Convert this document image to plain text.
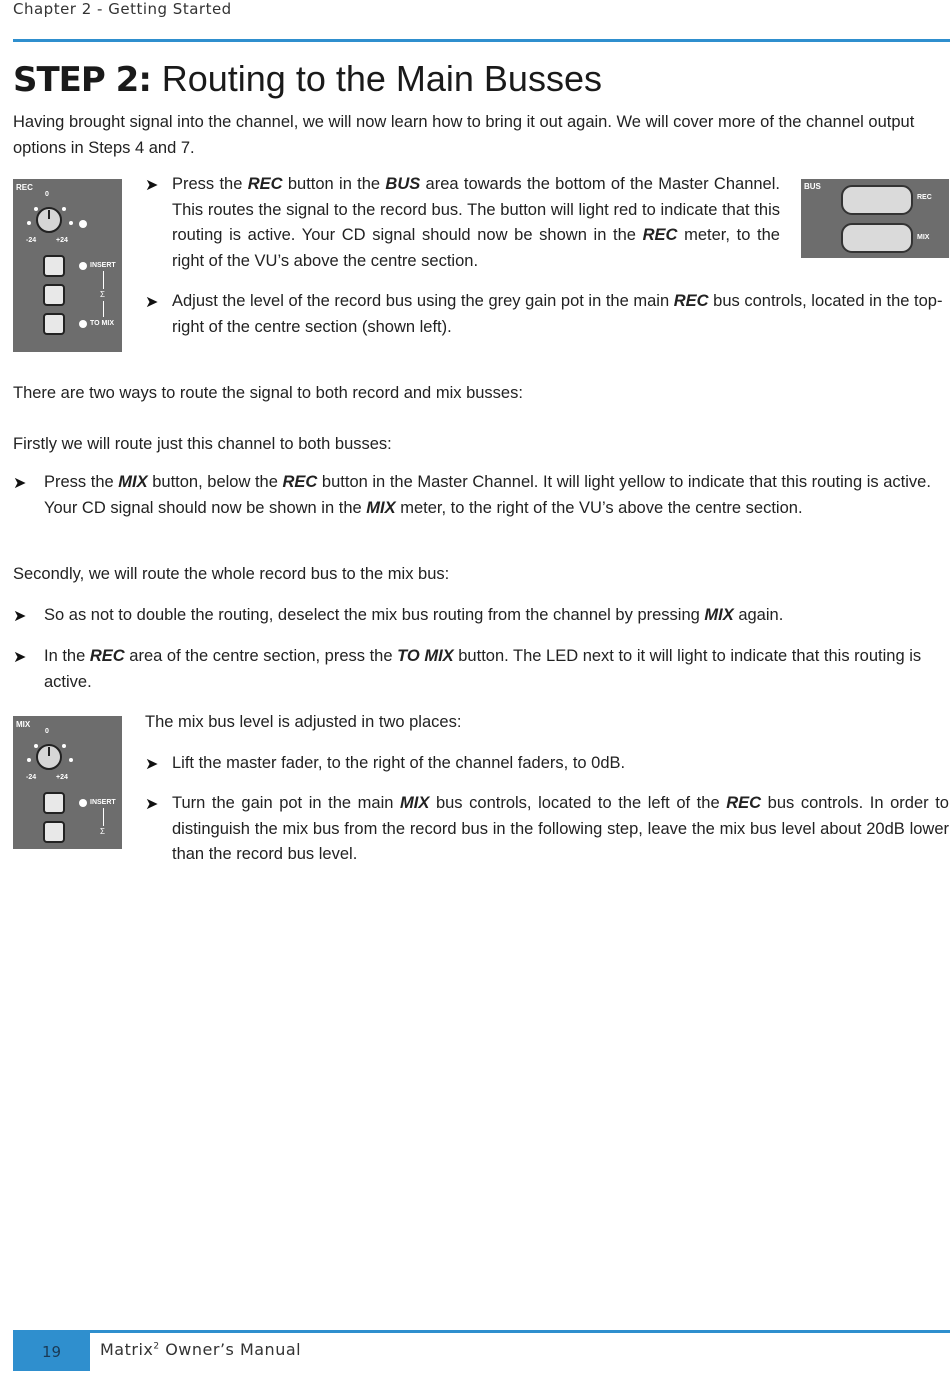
Chapter 2 - Getting Started
STEP 2: Routing to the Main Busses
Having brought signal into the channel, we will now learn how to bring it out again. We will cover more of the channel output options in Steps 4 and 7.
REC
0
-24	+24
INSERT
Σ
TO MIX
➤ Press the REC button in the BUS area towards the bottom of the Master Channel. This routes the signal to the record bus. The button will light red to indicate that this routing is active. Your CD signal should now be shown in the REC meter, to the right of the VU’s above the centre section.
BUS
REC
MIX
➤ Adjust the level of the record bus using the grey gain pot in the main REC bus controls, located in the top-right of the centre section (shown left).
There are two ways to route the signal to both record and mix busses:
Firstly we will route just this channel to both busses:
➤ Press the MIX button, below the REC button in the Master Channel. It will light yellow to indicate that this routing is active. Your CD signal should now be shown in the MIX meter, to the right of the VU’s above the centre section.
Secondly, we will route the whole record bus to the mix bus:
➤ So as not to double the routing, deselect the mix bus routing from the channel by pressing MIX again.
➤ In the REC area of the centre section, press the TO MIX button. The LED next to it will light to indicate that this routing is active.
MIX
0
-24	+24
INSERT
Σ
The mix bus level is adjusted in two places:
➤ Lift the master fader, to the right of the channel faders, to 0dB.
➤ Turn the gain pot in the main MIX bus controls, located to the left of the REC bus controls. In order to distinguish the mix bus from the record bus in the following step, leave the mix bus level about 20dB lower than the record bus level.
19	Matrix$^2$ Owner’s Manual
